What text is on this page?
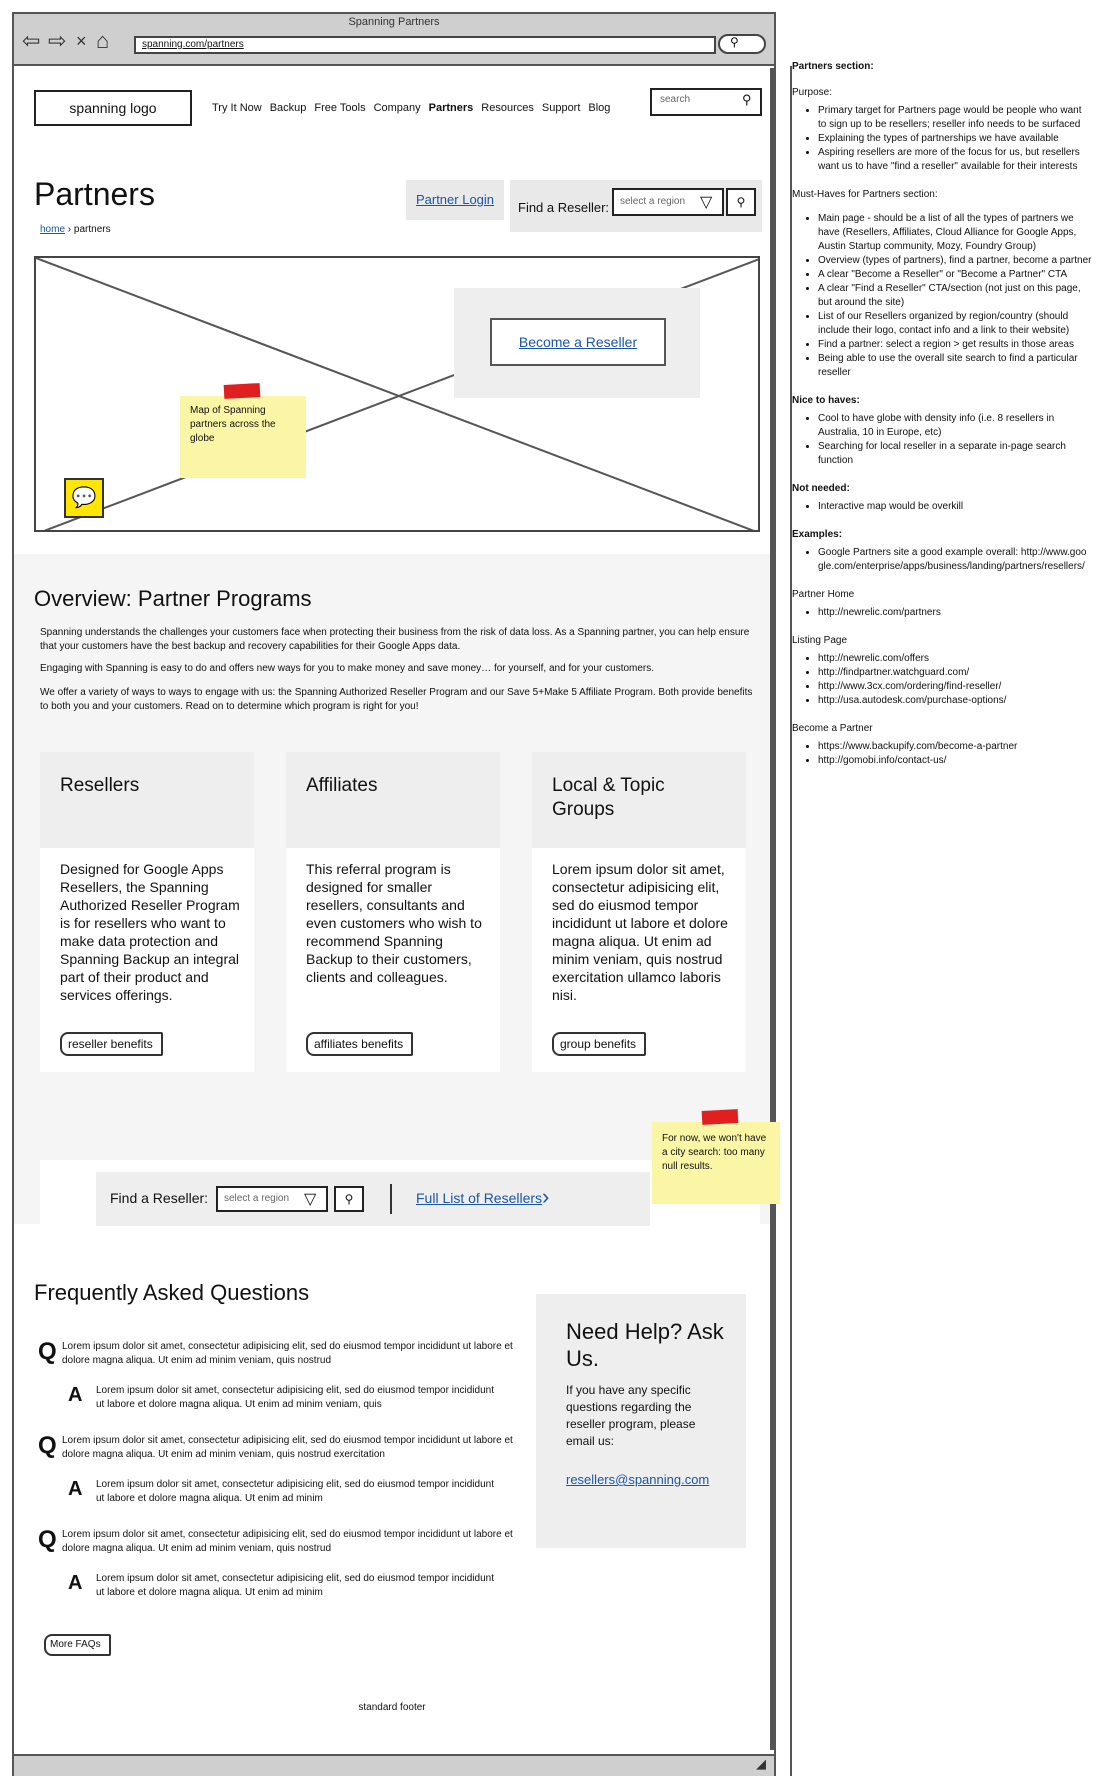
Spanning Partners
⇦ ⇨ × ⌂	spanning.com/partners	⚲
spanning logo	Try It Now Backup Free Tools Company Partners Resources Support Blog
search	⚲
Partners
home › partners
Partner Login
Find a Reseller: select a region ▽	⚲
Become a Reseller
Map of Spanning partners across the globe
💬
Overview: Partner Programs
Spanning understands the challenges your customers face when protecting their business from the risk of data loss. As a Spanning partner, you can help ensure that your customers have the best backup and recovery capabilities for their Google Apps data.
Engaging with Spanning is easy to do and offers new ways for you to make money and save money… for yourself, and for your customers.
We offer a variety of ways to ways to engage with us: the Spanning Authorized Reseller Program and our Save 5+Make 5 Affiliate Program. Both provide benefits to both you and your customers. Read on to determine which program is right for you!
Resellers
Designed for Google Apps Resellers, the Spanning Authorized Reseller Program is for resellers who want to make data protection and Spanning Backup an integral part of their product and services offerings.
reseller benefits
Affiliates
This referral program is designed for smaller resellers, consultants and even customers who wish to recommend Spanning Backup to their customers, clients and colleagues.
affiliates benefits
Local & Topic Groups
Lorem ipsum dolor sit amet, consectetur adipisicing elit, sed do eiusmod tempor incididunt ut labore et dolore magna aliqua. Ut enim ad minim veniam, quis nostrud exercitation ullamco laboris nisi.
group benefits
Find a Reseller: select a region ▽	⚲	Full List of Resellers ›
Frequently Asked Questions
Q Lorem ipsum dolor sit amet, consectetur adipisicing elit, sed do eiusmod tempor incididunt ut labore et dolore magna aliqua. Ut enim ad minim veniam, quis nostrud
A Lorem ipsum dolor sit amet, consectetur adipisicing elit, sed do eiusmod tempor incididunt ut labore et dolore magna aliqua. Ut enim ad minim veniam, quis
Q Lorem ipsum dolor sit amet, consectetur adipisicing elit, sed do eiusmod tempor incididunt ut labore et dolore magna aliqua. Ut enim ad minim veniam, quis nostrud exercitation
A Lorem ipsum dolor sit amet, consectetur adipisicing elit, sed do eiusmod tempor incididunt ut labore et dolore magna aliqua. Ut enim ad minim
Q Lorem ipsum dolor sit amet, consectetur adipisicing elit, sed do eiusmod tempor incididunt ut labore et dolore magna aliqua. Ut enim ad minim veniam, quis nostrud
A Lorem ipsum dolor sit amet, consectetur adipisicing elit, sed do eiusmod tempor incididunt ut labore et dolore magna aliqua. Ut enim ad minim
More FAQs
Need Help? Ask Us.
If you have any specific questions regarding the reseller program, please email us:
resellers@spanning.com
standard footer
◢
For now, we won't have a city search: too many null results.
Partners section:
Purpose:
• Primary target for Partners page would be people who want to sign up to be resellers; reseller info needs to be surfaced
• Explaining the types of partnerships we have available
• Aspiring resellers are more of the focus for us, but resellers want us to have "find a reseller" available for their interests
Must-Haves for Partners section:
• Main page - should be a list of all the types of partners we have (Resellers, Affiliates, Cloud Alliance for Google Apps, Austin Startup community, Mozy, Foundry Group)
• Overview (types of partners), find a partner, become a partner
• A clear "Become a Reseller" or "Become a Partner" CTA
• A clear "Find a Reseller" CTA/section (not just on this page, but around the site)
• List of our Resellers organized by region/country (should include their logo, contact info and a link to their website)
• Find a partner: select a region > get results in those areas
• Being able to use the overall site search to find a particular reseller
Nice to haves:
• Cool to have globe with density info (i.e. 8 resellers in Australia, 10 in Europe, etc)
• Searching for local reseller in a separate in-page search function
Not needed:
• Interactive map would be overkill
Examples:
• Google Partners site a good example overall: http://www.google.com/enterprise/apps/business/landing/partners/resellers/
Partner Home
• http://newrelic.com/partners
Listing Page
• http://newrelic.com/offers
• http://findpartner.watchguard.com/
• http://www.3cx.com/ordering/find-reseller/
• http://usa.autodesk.com/purchase-options/
Become a Partner
• https://www.backupify.com/become-a-partner
• http://gomobi.info/contact-us/
